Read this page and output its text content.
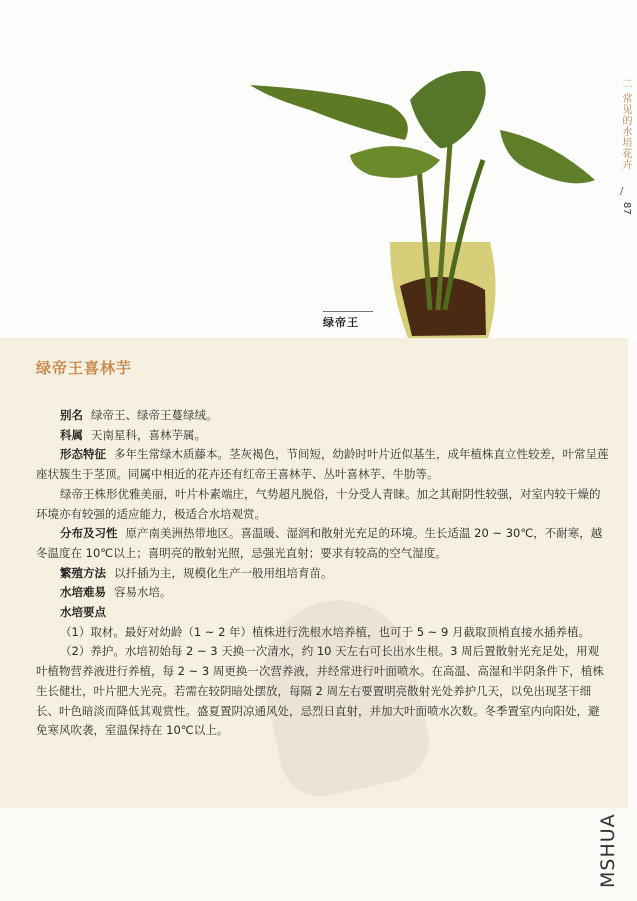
绿帝王
二 常见的水培花卉
/
87
绿帝王喜林芋

别名 绿帝王、绿帝王蔓绿绒。

科属 天南星科，喜林芋属。

形态特征 多年生常绿木质藤本。茎灰褐色，节间短，幼龄时叶片近似基生，成年植株直立性较差，叶常呈莲座状簇生于茎顶。同属中相近的花卉还有红帝王喜林芋、丛叶喜林芋、牛肋等。

绿帝王株形优雅美丽，叶片朴素端庄，气势超凡脱俗，十分受人青睐。加之其耐阴性较强，对室内较干燥的环境亦有较强的适应能力，极适合水培观赏。

分布及习性 原产南美洲热带地区。喜温暖、湿润和散射光充足的环境。生长适温 20 ~ 30℃，不耐寒，越冬温度在 10℃以上；喜明亮的散射光照，忌强光直射；要求有较高的空气湿度。

繁殖方法 以扦插为主，规模化生产一般用组培育苗。

水培难易 容易水培。

水培要点

（1）取材。最好对幼龄（1 ~ 2 年）植株进行洗根水培养植，也可于 5 ~ 9 月截取顶梢直接水插养植。

（2）养护。水培初始每 2 ~ 3 天换一次清水，约 10 天左右可长出水生根。3 周后置散射光充足处，用观叶植物营养液进行养植，每 2 ~ 3 周更换一次营养液，并经常进行叶面喷水。在高温、高湿和半阴条件下，植株生长健壮，叶片肥大光亮。若需在较阴暗处摆放，每隔 2 周左右要置明亮散射光处养护几天，以免出现茎干细长、叶色暗淡而降低其观赏性。盛夏置阴凉通风处，忌烈日直射，并加大叶面喷水次数。冬季置室内向阳处，避免寒风吹袭，室温保持在 10℃以上。

MSHUA
